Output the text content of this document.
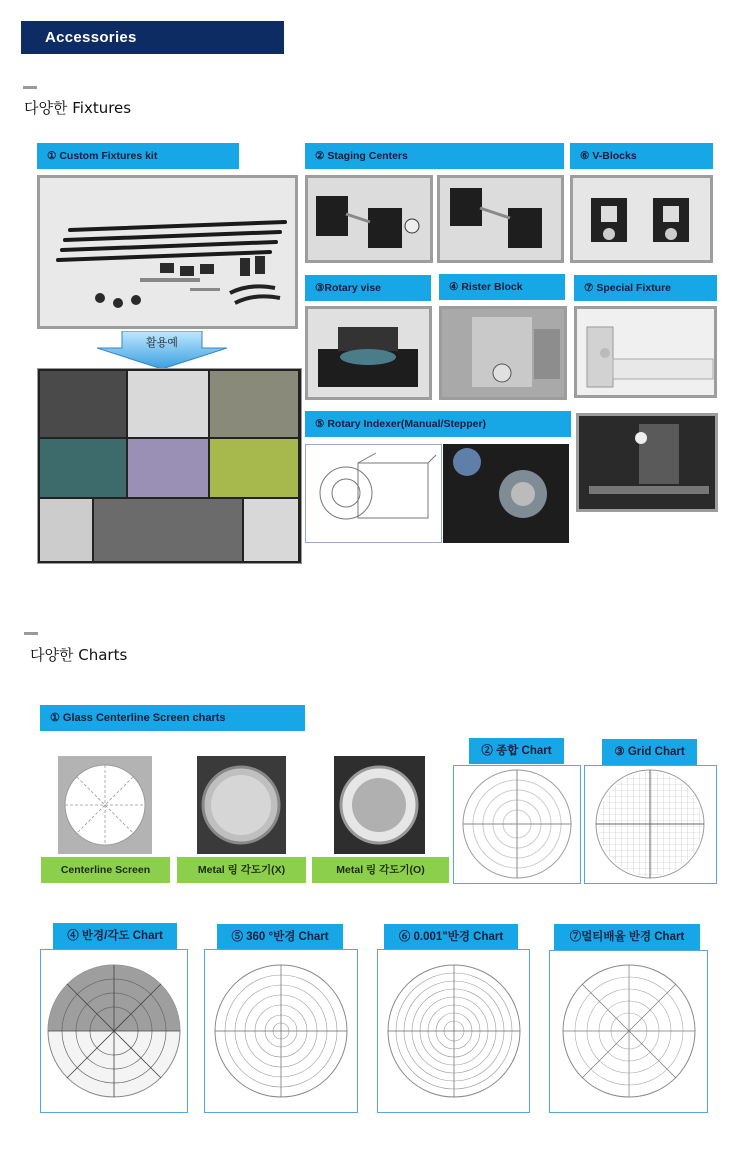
Accessories
다양한 Fixtures
① Custom Fixtures kit	② Staging Centers	⑥ V-Blocks
활용예
③Rotary vise	④ Rister Block	⑦ Special Fixture
⑤ Rotary Indexer(Manual/Stepper)
다양한 Charts
① Glass Centerline Screen charts
Centerline Screen	Metal 링 각도기(X)	Metal 링 각도기(O)
② 종합 Chart	③ Grid Chart
④ 반경/각도 Chart	⑤ 360 °반경 Chart	⑥ 0.001"반경 Chart	⑦멀티배율 반경 Chart
